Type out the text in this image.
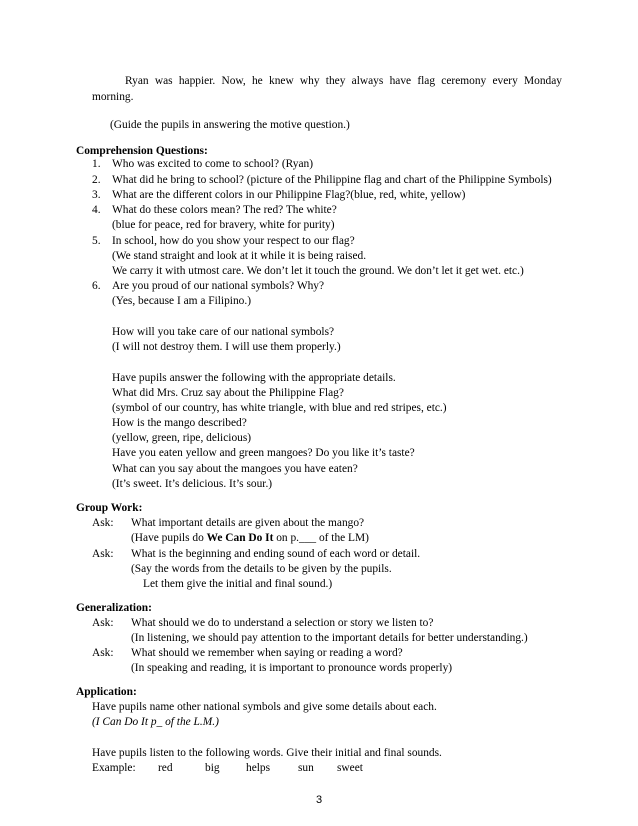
Ryan was happier. Now, he knew why they always have flag ceremony every Monday
morning.
(Guide the pupils in answering the motive question.)
Comprehension Questions:
1. Who was excited to come to school? (Ryan)
2. What did he bring to school? (picture of the Philippine flag and chart of the Philippine Symbols)
3. What are the different colors in our Philippine Flag?(blue, red, white, yellow)
4. What do these colors mean? The red? The white?
(blue for peace, red for bravery, white for purity)
5. In school, how do you show your respect to our flag?
(We stand straight and look at it while it is being raised.
We carry it with utmost care. We don’t let it touch the ground. We don’t let it get wet. etc.)
6. Are you proud of our national symbols? Why?
(Yes, because I am a Filipino.)
How will you take care of our national symbols?
(I will not destroy them. I will use them properly.)
Have pupils answer the following with the appropriate details.
What did Mrs. Cruz say about the Philippine Flag?
(symbol of our country, has white triangle, with blue and red stripes, etc.)
How is the mango described?
(yellow, green, ripe, delicious)
Have you eaten yellow and green mangoes? Do you like it’s taste?
What can you say about the mangoes you have eaten?
(It’s sweet. It’s delicious. It’s sour.)
Group Work:
Ask: What important details are given about the mango?
(Have pupils do We Can Do It on p.___ of the LM)
Ask: What is the beginning and ending sound of each word or detail.
(Say the words from the details to be given by the pupils.
Let them give the initial and final sound.)
Generalization:
Ask: What should we do to understand a selection or story we listen to?
(In listening, we should pay attention to the important details for better understanding.)
Ask: What should we remember when saying or reading a word?
(In speaking and reading, it is important to pronounce words properly)
Application:
Have pupils name other national symbols and give some details about each.
(I Can Do It p_ of the L.M.)
Have pupils listen to the following words. Give their initial and final sounds.
Example: red	big helps sun sweet
3
